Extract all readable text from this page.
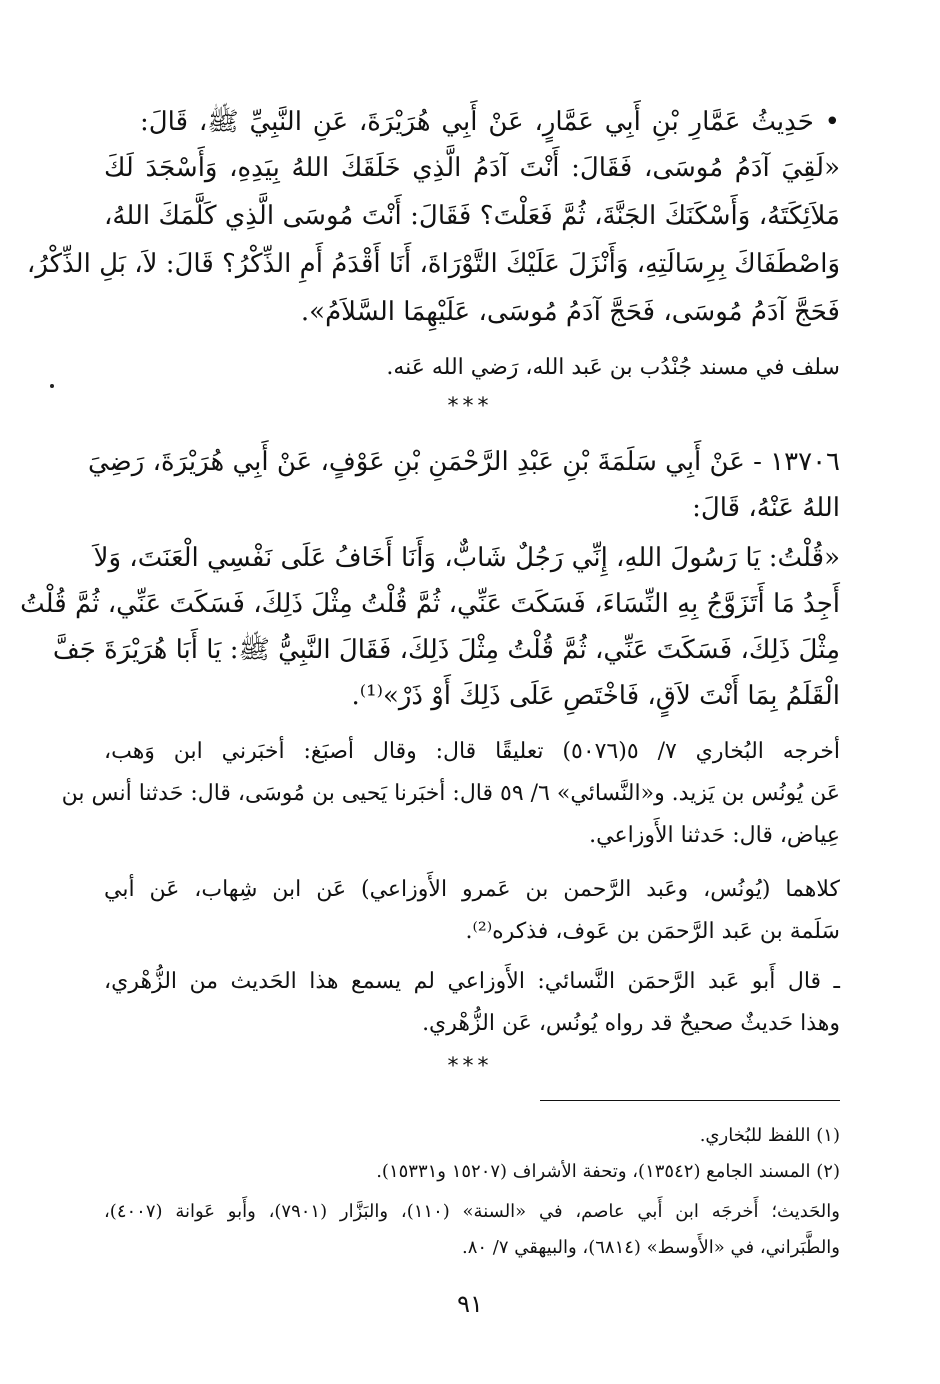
• حَدِيثُ عَمَّارِ بْنِ أَبِي عَمَّارٍ، عَنْ أَبِي هُرَيْرَةَ، عَنِ النَّبِيِّ ﷺ، قَالَ:
«لَقِيَ آدَمُ مُوسَى، فَقَالَ: أَنْتَ آدَمُ الَّذِي خَلَقَكَ اللهُ بِيَدِهِ، وَأَسْجَدَ لَكَ
مَلاَئِكَتَهُ، وَأَسْكَنَكَ الجَنَّةَ، ثُمَّ فَعَلْتَ؟ فَقَالَ: أَنْتَ مُوسَى الَّذِي كَلَّمَكَ اللهُ،
وَاصْطَفَاكَ بِرِسَالَتِهِ، وَأَنْزَلَ عَلَيْكَ التَّوْرَاةَ، أَنَا أَقْدَمُ أَمِ الذِّكْرُ؟ قَالَ: لاَ، بَلِ الذِّكْرُ،
فَحَجَّ آدَمُ مُوسَى، فَحَجَّ آدَمُ مُوسَى، عَلَيْهِمَا السَّلاَمُ».
سلف في مسند جُنْدُب بن عَبد الله، رَضي الله عَنه.
***
١٣٧٠٦ - عَنْ أَبِي سَلَمَةَ بْنِ عَبْدِ الرَّحْمَنِ بْنِ عَوْفٍ، عَنْ أَبِي هُرَيْرَةَ، رَضِيَ
اللهُ عَنْهُ، قَالَ:
«قُلْتُ: يَا رَسُولَ اللهِ، إِنِّي رَجُلٌ شَابٌّ، وَأَنَا أَخَافُ عَلَى نَفْسِي الْعَنَتَ، وَلاَ
أَجِدُ مَا أَتَزَوَّجُ بِهِ النِّسَاءَ، فَسَكَتَ عَنِّي، ثُمَّ قُلْتُ مِثْلَ ذَلِكَ، فَسَكَتَ عَنِّي، ثُمَّ قُلْتُ
مِثْلَ ذَلِكَ، فَسَكَتَ عَنِّي، ثُمَّ قُلْتُ مِثْلَ ذَلِكَ، فَقَالَ النَّبِيُّ ﷺ: يَا أَبَا هُرَيْرَةَ جَفَّ
الْقَلَمُ بِمَا أَنْتَ لاَقٍ، فَاخْتَصِ عَلَى ذَلِكَ أَوْ ذَرْ»⁽¹⁾.
أخرجه البُخاري ٧/ ٥(٥٠٧٦) تعليقًا قال: وقال أصبَغ: أخبَرني ابن وَهب،
عَن يُونُس بن يَزيد. و«النَّسائي» ٦/ ٥٩ قال: أخبَرنا يَحيى بن مُوسَى، قال: حَدثنا أنس بن
عِياض، قال: حَدثنا الأَوزاعي.
كلاهما (يُونُس، وعَبد الرَّحمن بن عَمرو الأَوزاعي) عَن ابن شِهاب، عَن أبي
سَلَمة بن عَبد الرَّحمَن بن عَوف، فذكره⁽²⁾.
ـ قال أَبو عَبد الرَّحمَن النَّسائي: الأَوزاعي لم يسمع هذا الحَديث من الزُّهْري،
وهذا حَديثٌ صحيحٌ قد رواه يُونُس، عَن الزُّهْري.
***
(١) اللفظ للبُخاري.
(٢) المسند الجامع (١٣٥٤٢)، وتحفة الأشراف (١٥٢٠٧ و١٥٣٣١).
والحَديث؛ أَخرجَه ابن أَبي عاصم، في «السنة» (١١٠)، والبَزَّار (٧٩٠١)، وأَبو عَوانة (٤٠٠٧)،
والطَّبَراني، في «الأَوسط» (٦٨١٤)، والبيهقي ٧/ ٨٠.
٩١
